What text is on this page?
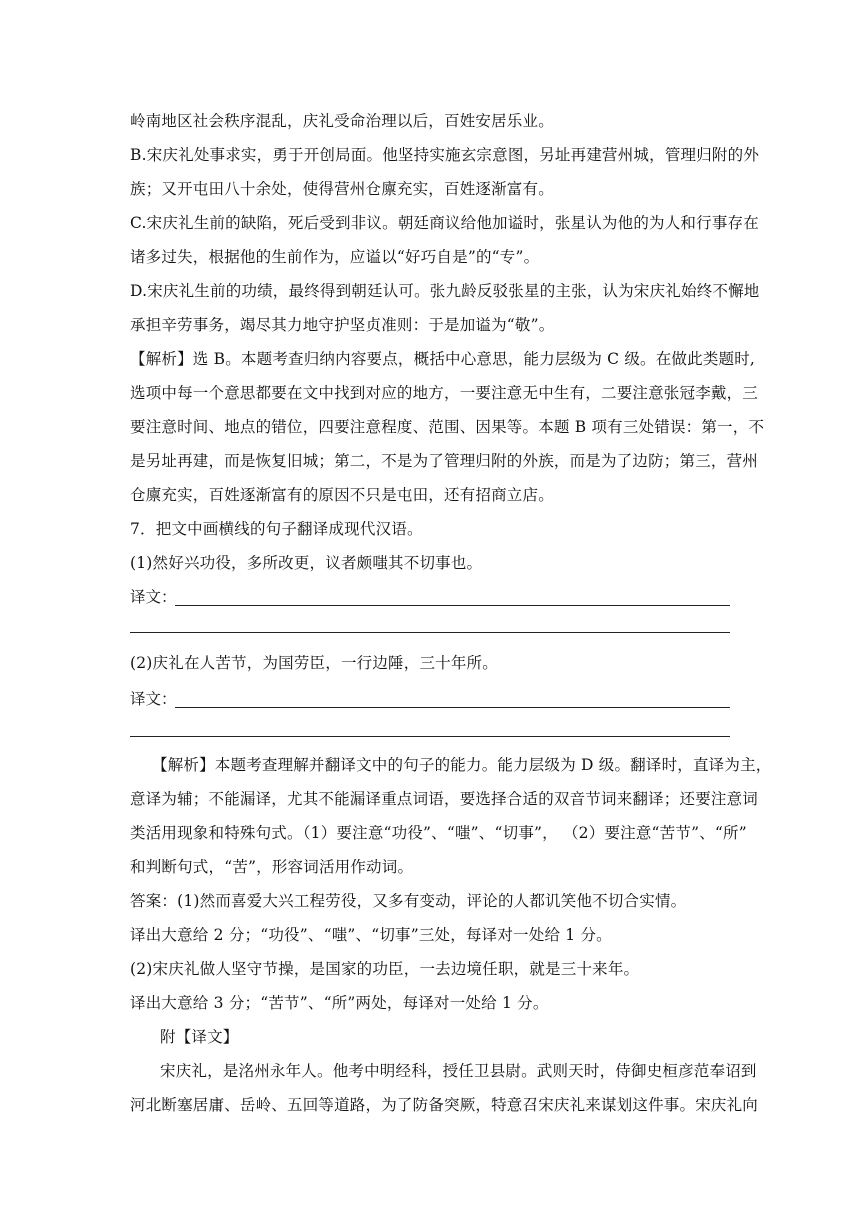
岭南地区社会秩序混乱，庆礼受命治理以后，百姓安居乐业。
B.宋庆礼处事求实，勇于开创局面。他坚持实施玄宗意图，另址再建营州城，管理归附的外
族；又开屯田八十余处，使得营州仓廪充实，百姓逐渐富有。
C.宋庆礼生前的缺陷，死后受到非议。朝廷商议给他加谥时，张星认为他的为人和行事存在
诸多过失，根据他的生前作为，应谥以“好巧自是”的“专”。
D.宋庆礼生前的功绩，最终得到朝廷认可。张九龄反驳张星的主张，认为宋庆礼始终不懈地
承担辛劳事务，竭尽其力地守护坚贞准则：于是加谥为“敬”。
【解析】选 B。本题考查归纳内容要点，概括中心意思，能力层级为 C 级。在做此类题时,
选项中每一个意思都要在文中找到对应的地方，一要注意无中生有，二要注意张冠李戴，三
要注意时间、地点的错位，四要注意程度、范围、因果等。本题 B 项有三处错误：第一，不
是另址再建，而是恢复旧城；第二，不是为了管理归附的外族，而是为了边防；第三，营州
仓廪充实，百姓逐渐富有的原因不只是屯田，还有招商立店。
7．把文中画横线的句子翻译成现代汉语。
(1)然好兴功役，多所改更，议者颇嗤其不切事也。
译文：
(2)庆礼在人苦节，为国劳臣，一行边陲，三十年所。
译文：
【解析】本题考查理解并翻译文中的句子的能力。能力层级为 D 级。翻译时，直译为主，
意译为辅；不能漏译，尤其不能漏译重点词语，要选择合适的双音节词来翻译；还要注意词
类活用现象和特殊句式。（1）要注意“功役”、“嗤”、“切事”， （2）要注意“苦节”、“所”
和判断句式，“苦”，形容词活用作动词。
答案：(1)然而喜爱大兴工程劳役，又多有变动，评论的人都讥笑他不切合实情。
译出大意给 2 分；“功役”、“嗤”、“切事”三处，每译对一处给 1 分。
(2)宋庆礼做人坚守节操，是国家的功臣，一去边境任职，就是三十来年。
译出大意给 3 分；“苦节”、“所”两处，每译对一处给 1 分。
附【译文】
宋庆礼，是洺州永年人。他考中明经科，授任卫县尉。武则天时，侍御史桓彦范奉诏到
河北断塞居庸、岳岭、五回等道路，为了防备突厥，特意召宋庆礼来谋划这件事。宋庆礼向
